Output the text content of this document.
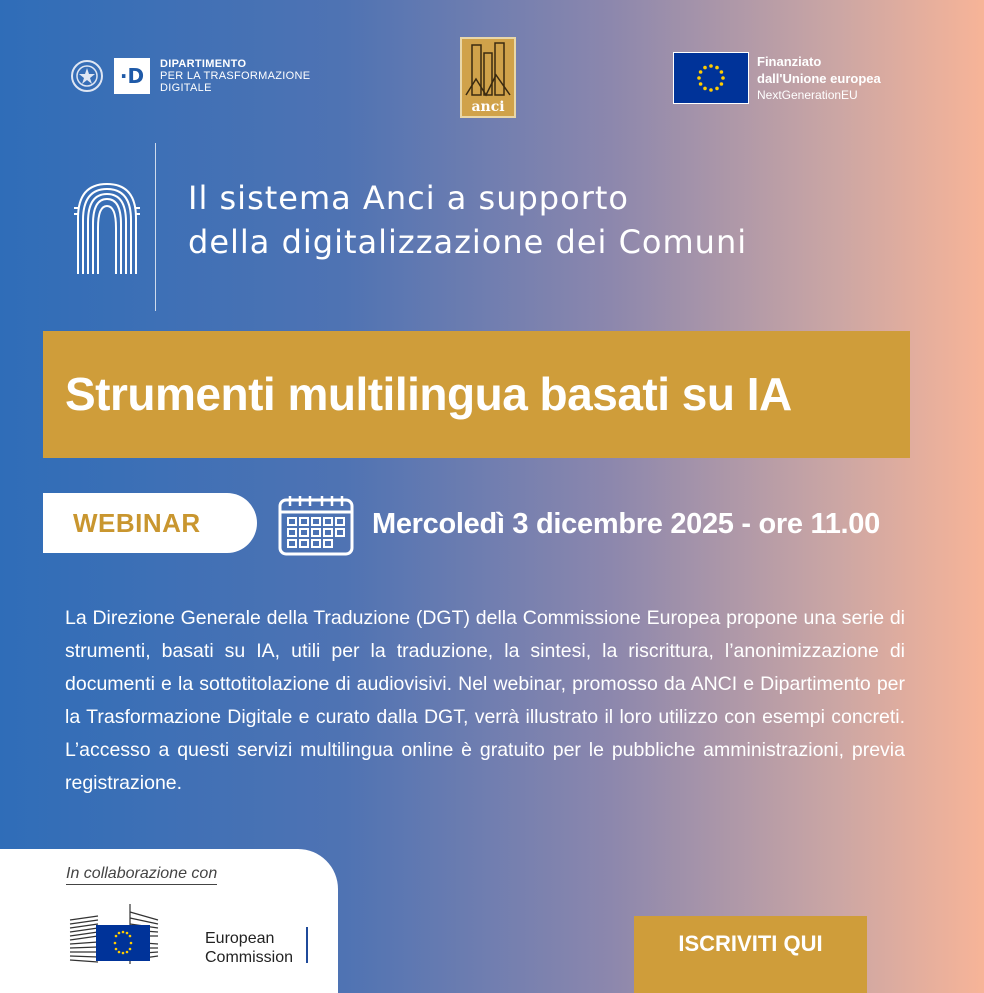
·D	DIPARTIMENTO
PER LA TRASFORMAZIONE
DIGITALE
anci
Finanziato
dall'Unione europea
NextGenerationEU
Il sistema Anci a supporto
della digitalizzazione dei Comuni
Strumenti multilingua basati su IA
WEBINAR	Mercoledì 3 dicembre 2025 - ore 11.00
La Direzione Generale della Traduzione (DGT) della Commissione Europea propone una serie di strumenti, basati su IA, utili per la traduzione, la sintesi, la riscrittura, l’anonimizzazione di documenti e la sottotitolazione di audiovisivi. Nel webinar, promosso da ANCI e Dipartimento per la Trasformazione Digitale e curato dalla DGT, verrà illustrato il loro utilizzo con esempi concreti. L’accesso a questi servizi multilingua online è gratuito per le pubbliche amministrazioni, previa registrazione.
In collaborazione con
European
Commission
ISCRIVITI QUI
